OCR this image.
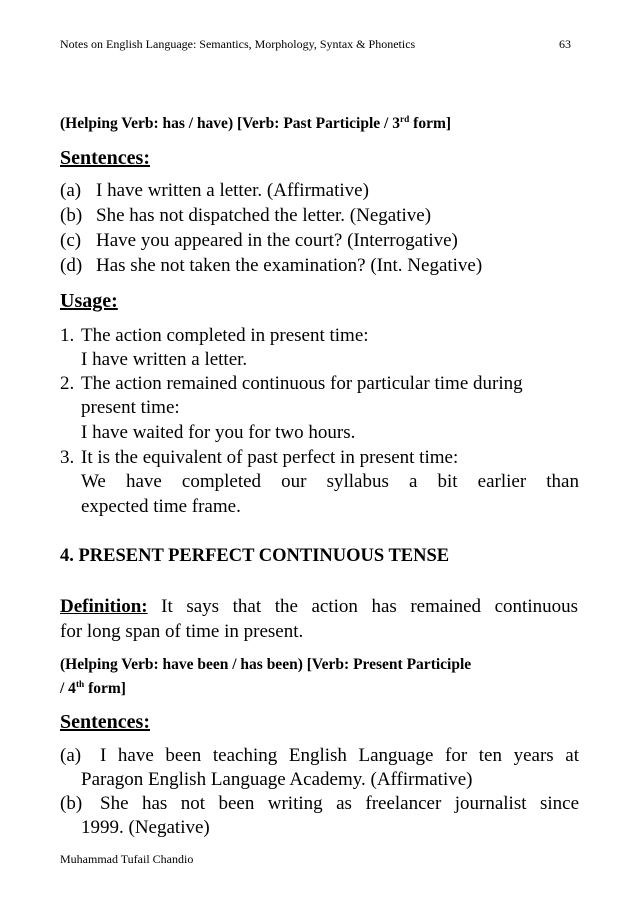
Notes on English Language: Semantics, Morphology, Syntax & Phonetics	63
(Helping Verb: has / have) [Verb: Past Participle / 3rd form]
Sentences:
(a) I have written a letter. (Affirmative)
(b) She has not dispatched the letter. (Negative)
(c) Have you appeared in the court? (Interrogative)
(d) Has she not taken the examination? (Int. Negative)
Usage:
1. The action completed in present time:
I have written a letter.
2. The action remained continuous for particular time during
present time:
I have waited for you for two hours.
3. It is the equivalent of past perfect in present time:
We have completed our syllabus a bit earlier than
expected time frame.
4. PRESENT PERFECT CONTINUOUS TENSE
Definition: It says that the action has remained continuous
for long span of time in present.
(Helping Verb: have been / has been) [Verb: Present Participle
/ 4th form]
Sentences:
(a) I have been teaching English Language for ten years at
Paragon English Language Academy. (Affirmative)
(b) She has not been writing as freelancer journalist since
1999. (Negative)
Muhammad Tufail Chandio
